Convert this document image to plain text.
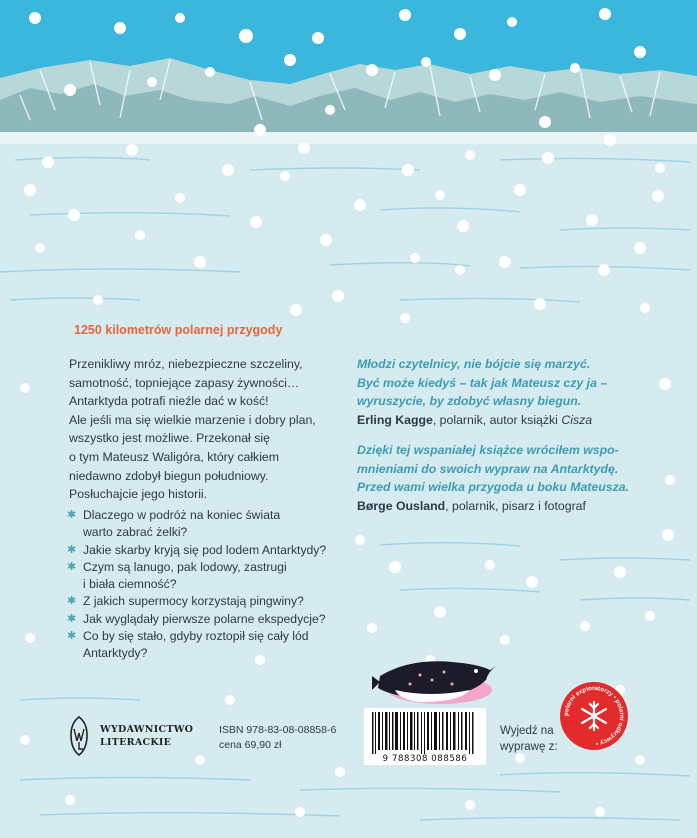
1250 kilometrów polarnej przygody
Przenikliwy mróz, niebezpieczne szczeliny,
samotność, topniejące zapasy żywności…
Antarktyda potrafi nieźle dać w kość!
Ale jeśli ma się wielkie marzenie i dobry plan,
wszystko jest możliwe. Przekonał się
o tym Mateusz Waligóra, który całkiem
niedawno zdobył biegun południowy.
Posłuchajcie jego historii.
✱ Dlaczego w podróż na koniec świata
warto zabrać żelki?
✱ Jakie skarby kryją się pod lodem Antarktydy?
✱ Czym są lanugo, pak lodowy, zastrugi
i biała ciemność?
✱ Z jakich supermocy korzystają pingwiny?
✱ Jak wyglądały pierwsze polarne ekspedycje?
✱ Co by się stało, gdyby roztopił się cały lód
Antarktydy?
Młodzi czytelnicy, nie bójcie się marzyć.
Być może kiedyś – tak jak Mateusz czy ja –
wyruszycie, by zdobyć własny biegun.
Erling Kagge, polarnik, autor książki Cisza
Dzięki tej wspaniałej książce wróciłem wspo-
mnieniami do swoich wypraw na Antarktydę.
Przed wami wielka przygoda u boku Mateusza.
Børge Ousland, polarnik, pisarz i fotograf
WYDAWNICTWO
LITERACKIE
ISBN 978-83-08-08858-6
cena 69,90 zł
9 788308 088586
Wyjedź na
wyprawę z:
polarni exploratorzy • polarni odkrywcy •
